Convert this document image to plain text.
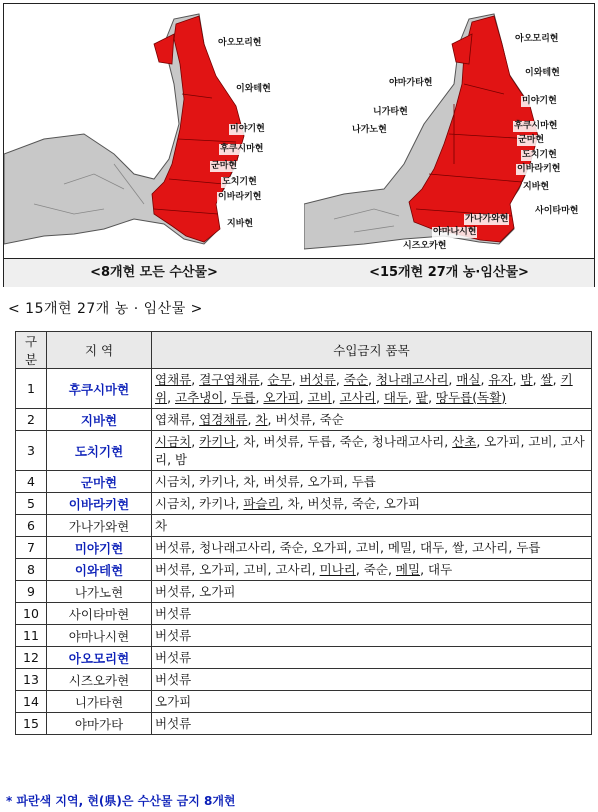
아오모리현
이와테현
미야기현
후쿠시마현
군마현
도치기현
이바라키현
지바현
아오모리현
이와테현
야마가타현
미야기현
니가타현
나가노현	후쿠시마현
군마현
도치기현
이바라키현
지바현
사이타마현
가나가와현
야마나시현
시즈오카현
<8개현 모든 수산물>	<15개현 27개 농·임산물>
< 15개현 27개 농 · 임산물 >
구분	지 역	수입금지 품목
1	후쿠시마현	엽채류, 결구엽채류, 순무, 버섯류, 죽순, 청나래고사리, 매실, 유자, 밤, 쌀, 키위, 고추냉이, 두릅, 오가피, 고비, 고사리, 대두, 팥, 땅두릅(독활)
2	지바현	엽채류, 엽경채류, 차, 버섯류, 죽순
3	도치기현	시금치, 카키나, 차, 버섯류, 두릅, 죽순, 청나래고사리, 산초, 오가피, 고비, 고사리, 밤
4	군마현	시금치, 카키나, 차, 버섯류, 오가피, 두릅
5	이바라키현	시금치, 카키나, 파슬리, 차, 버섯류, 죽순, 오가피
6	가나가와현	차
7	미야기현	버섯류, 청나래고사리, 죽순, 오가피, 고비, 메밀, 대두, 쌀, 고사리, 두릅
8	이와테현	버섯류, 오가피, 고비, 고사리, 미나리, 죽순, 메밀, 대두
9	나가노현	버섯류, 오가피
10	사이타마현	버섯류
11	야마나시현	버섯류
12	아오모리현	버섯류
13	시즈오카현	버섯류
14	니가타현	오가피
15	야마가타	버섯류
* 파란색 지역, 현(県)은 수산물 금지 8개현
